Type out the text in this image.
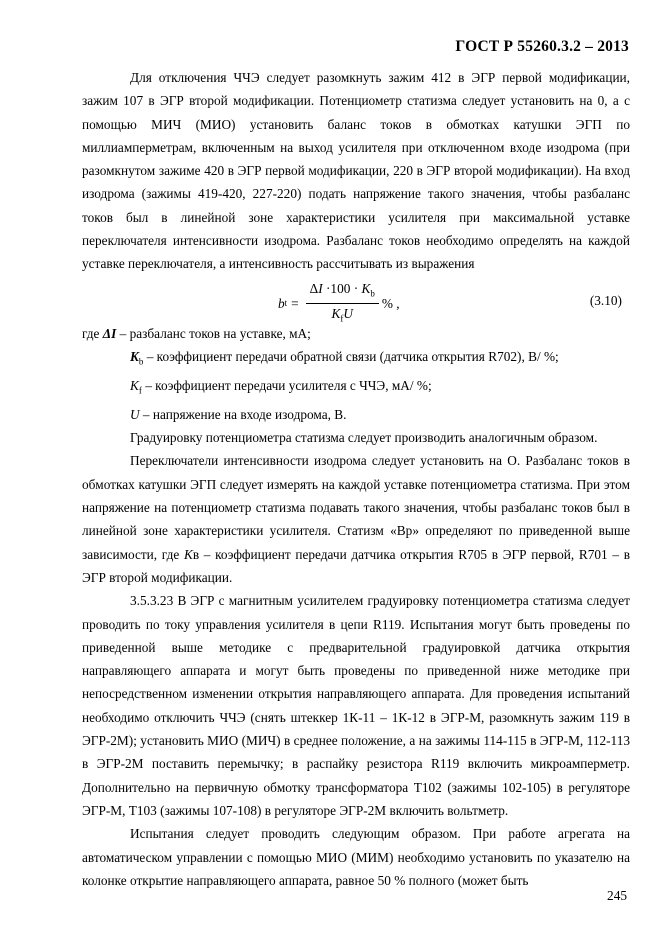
ГОСТ Р 55260.3.2 – 2013

Для отключения ЧЧЭ следует разомкнуть зажим 412 в ЭГР первой модификации, зажим 107 в ЭГР второй модификации. Потенциометр статизма следует установить на 0, а с помощью МИЧ (МИО) установить баланс токов в обмотках катушки ЭГП по миллиамперметрам, включенным на выход усилителя при отключенном входе изодрома (при разомкнутом зажиме 420 в ЭГР первой модификации, 220 в ЭГР второй модификации). На вход изодрома (зажимы 419-420, 227-220) подать напряжение такого значения, чтобы разбаланс токов был в линейной зоне характеристики усилителя при максимальной уставке переключателя интенсивности изодрома. Разбаланс токов необходимо определять на каждой уставке переключателя, а интенсивность рассчитывать из выражения

b $t = \frac{\Delta I \cdot 100 \cdot K_b}{K_fU}$ % ,	(3.10)

где ΔI – разбаланс токов на уставке, мА;

$K_b$ – коэффициент передачи обратной связи (датчика открытия R702), В/ %;

$K_f$ – коэффициент передачи усилителя с ЧЧЭ, мА/ %;

U – напряжение на входе изодрома, В.

Градуировку потенциометра статизма следует производить аналогичным образом.

Переключатели интенсивности изодрома следует установить на О. Разбаланс токов в обмотках катушки ЭГП следует измерять на каждой уставке потенциометра статизма. При этом напряжение на потенциометр статизма подавать такого значения, чтобы разбаланс токов был в линейной зоне характеристики усилителя. Статизм «Вр» определяют по приведенной выше зависимости, где Kв – коэффициент передачи датчика открытия R705 в ЭГР первой, R701 – в ЭГР второй модификации.

3.5.3.23 В ЭГР с магнитным усилителем градуировку потенциометра статизма следует проводить по току управления усилителя в цепи R119. Испытания могут быть проведены по приведенной выше методике с предварительной градуировкой датчика открытия направляющего аппарата и могут быть проведены по приведенной ниже методике при непосредственном изменении открытия направляющего аппарата. Для проведения испытаний необходимо отключить ЧЧЭ (снять штеккер 1К-11 – 1К-12 в ЭГР-М, разомкнуть зажим 119 в ЭГР-2М); установить МИО (МИЧ) в среднее положение, а на зажимы 114-115 в ЭГР-М, 112-113 в ЭГР-2М поставить перемычку; в распайку резистора R119 включить микроамперметр. Дополнительно на первичную обмотку трансформатора Т102 (зажимы 102-105) в регуляторе ЭГР-М, Т103 (зажимы 107-108) в регуляторе ЭГР-2М включить вольтметр.

Испытания следует проводить следующим образом. При работе агрегата на автоматическом управлении с помощью МИО (МИМ) необходимо установить по указателю на колонке открытие направляющего аппарата, равное 50 % полного (может быть

245
